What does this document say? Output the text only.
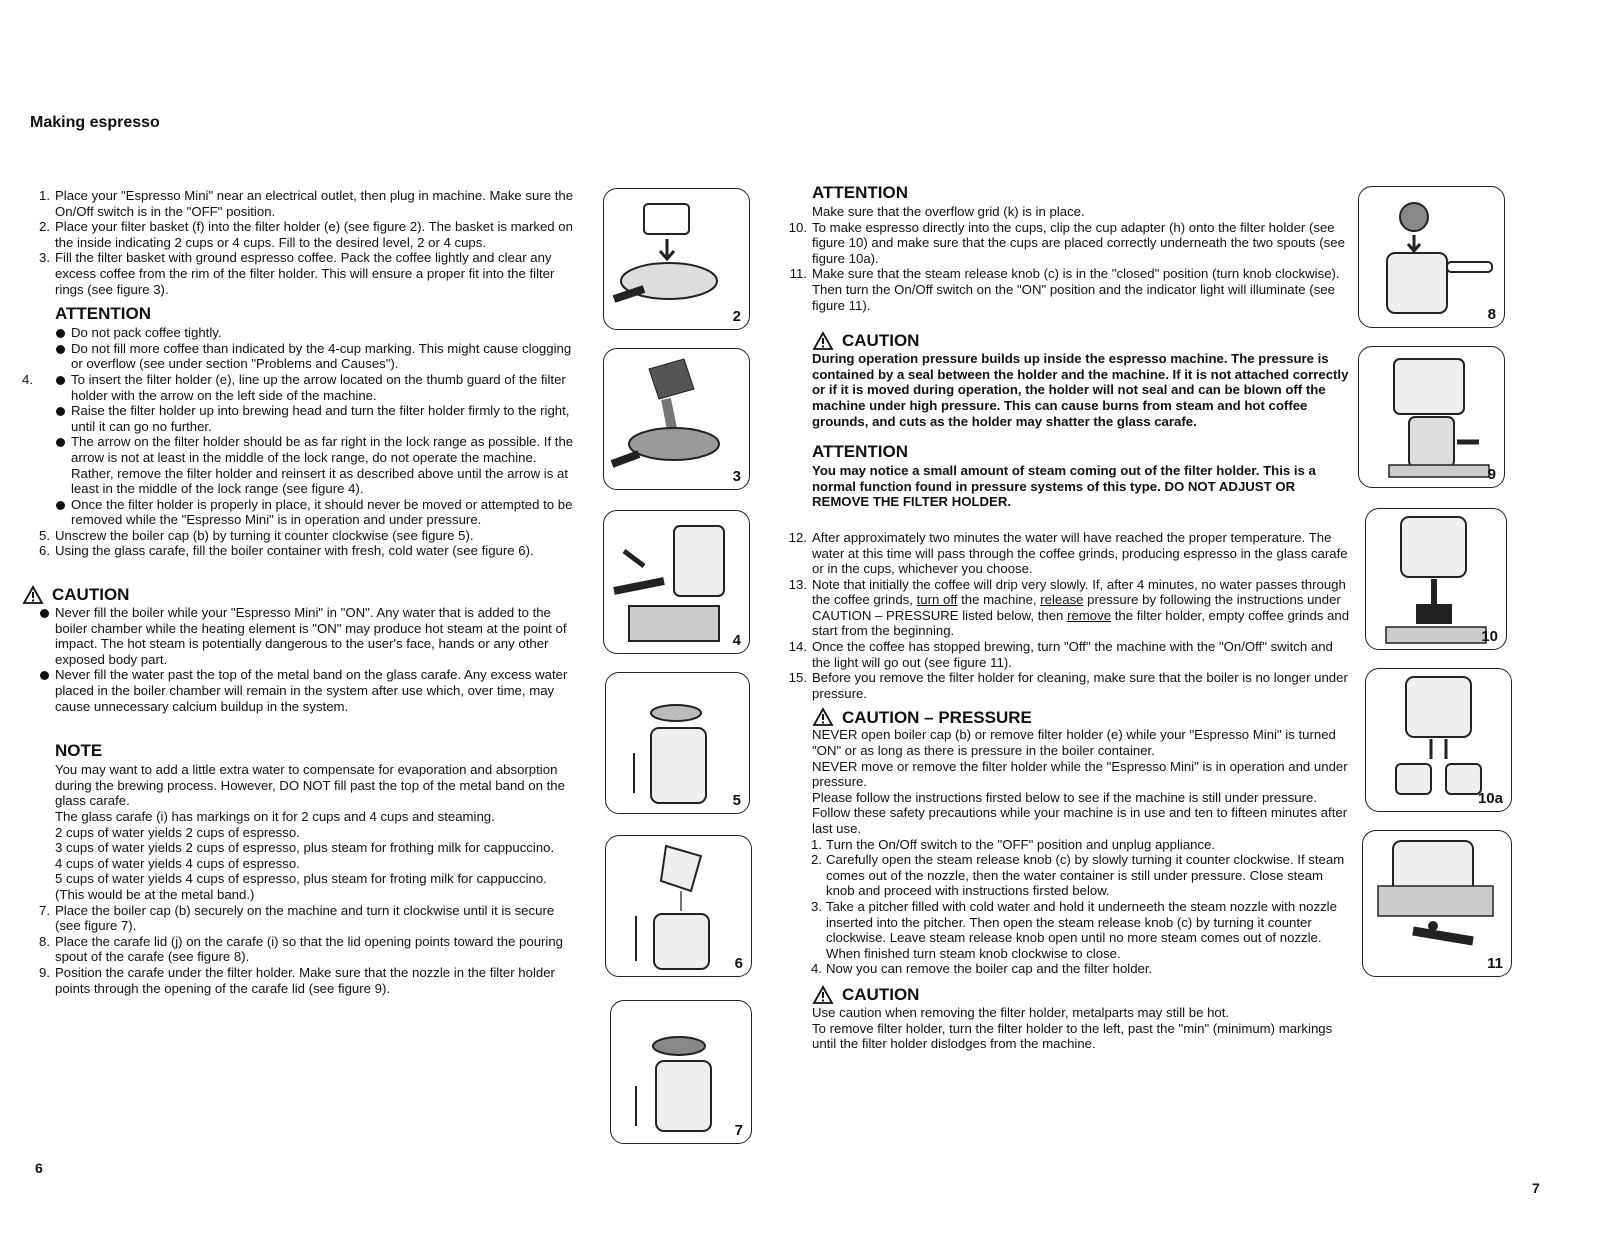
Making espresso
1. Place your "Espresso Mini" near an electrical outlet, then plug in machine. Make sure the On/Off switch is in the "OFF" position.

2. Place your filter basket (f) into the filter holder (e) (see figure 2). The basket is marked on the inside indicating 2 cups or 4 cups. Fill to the desired level, 2 or 4 cups.

3. Fill the filter basket with ground espresso coffee. Pack the coffee lightly and clear any excess coffee from the rim of the filter holder. This will ensure a proper fit into the filter rings (see figure 3).

ATTENTION
Do not pack coffee tightly.
Do not fill more coffee than indicated by the 4-cup marking. This might cause clogging or overflow (see under section "Problems and Causes").
4.	To insert the filter holder (e), line up the arrow located on the thumb guard of the filter holder with the arrow on the left side of the machine.
Raise the filter holder up into brewing head and turn the filter holder firmly to the right, until it can go no further.
The arrow on the filter holder should be as far right in the lock range as possible. If the arrow is not at least in the middle of the lock range, do not operate the machine. Rather, remove the filter holder and reinsert it as described above until the arrow is at least in the middle of the lock range (see figure 4).
Once the filter holder is properly in place, it should never be moved or attempted to be removed while the "Espresso Mini" is in operation and under pressure.
5. Unscrew the boiler cap (b) by turning it counter clockwise (see figure 5).

6. Using the glass carafe, fill the boiler container with fresh, cold water (see figure 6).

CAUTION
Never fill the boiler while your "Espresso Mini" in "ON". Any water that is added to the boiler chamber while the heating element is "ON" may produce hot steam at the point of impact. The hot steam is potentially dangerous to the user's face, hands or any other exposed body part.
Never fill the water past the top of the metal band on the glass carafe. Any excess water placed in the boiler chamber will remain in the system after use which, over time, may cause unnecessary calcium buildup in the system.
NOTE

You may want to add a little extra water to compensate for evaporation and absorption during the brewing process. However, DO NOT fill past the top of the metal band on the glass carafe.

The glass carafe (i) has markings on it for 2 cups and 4 cups and steaming.

2 cups of water yields 2 cups of espresso.

3 cups of water yields 2 cups of espresso, plus steam for frothing milk for cappuccino.

4 cups of water yields 4 cups of espresso.

5 cups of water yields 4 cups of espresso, plus steam for froting milk for cappuccino. (This would be at the metal band.)

7. Place the boiler cap (b) securely on the machine and turn it clockwise until it is secure (see figure 7).

8. Place the carafe lid (j) on the carafe (i) so that the lid opening points toward the pouring spout of the carafe (see figure 8).

9. Position the carafe under the filter holder. Make sure that the nozzle in the filter holder points through the opening of the carafe lid (see figure 9).

6
2
3
4
5
6
7
ATTENTION

Make sure that the overflow grid (k) is in place.

10. To make espresso directly into the cups, clip the cup adapter (h) onto the filter holder (see figure 10) and make sure that the cups are placed correctly underneath the two spouts (see figure 10a).

11. Make sure that the steam release knob (c) is in the "closed" position (turn knob clockwise).

Then turn the On/Off switch on the "ON" position and the indicator light will illuminate (see figure 11).

CAUTION

During operation pressure builds up inside the espresso machine. The pressure is contained by a seal between the holder and the machine. If it is not attached correctly or if it is moved during operation, the holder will not seal and can be blown off the machine under high pressure. This can cause burns from steam and hot coffee grounds, and cuts as the holder may shatter the glass carafe.

ATTENTION

You may notice a small amount of steam coming out of the filter holder. This is a normal function found in pressure systems of this type. DO NOT ADJUST OR REMOVE THE FILTER HOLDER.

12. After approximately two minutes the water will have reached the proper temperature. The water at this time will pass through the coffee grinds, producing espresso in the glass carafe or in the cups, whichever you choose.

13. Note that initially the coffee will drip very slowly. If, after 4 minutes, no water passes through the coffee grinds, turn off the machine, release pressure by following the instructions under CAUTION – PRESSURE listed below, then remove the filter holder, empty coffee grinds and start from the beginning.

14. Once the coffee has stopped brewing, turn "Off" the machine with the "On/Off" switch and the light will go out (see figure 11).

15. Before you remove the filter holder for cleaning, make sure that the boiler is no longer under pressure.

CAUTION – PRESSURE

NEVER open boiler cap (b) or remove filter holder (e) while your "Espresso Mini" is turned "ON" or as long as there is pressure in the boiler container.

NEVER move or remove the filter holder while the "Espresso Mini" is in operation and under pressure.

Please follow the instructions firsted below to see if the machine is still under pressure. Follow these safety precautions while your machine is in use and ten to fifteen minutes after last use.

1. Turn the On/Off switch to the "OFF" position and unplug appliance.

2. Carefully open the steam release knob (c) by slowly turning it counter clockwise. If steam comes out of the nozzle, then the water container is still under pressure. Close steam knob and proceed with instructions firsted below.

3. Take a pitcher filled with cold water and hold it underneeth the steam nozzle with nozzle inserted into the pitcher. Then open the steam release knob (c) by turning it counter clockwise. Leave steam release knob open until no more steam comes out of nozzle. When finished turn steam knob clockwise to close.

4. Now you can remove the boiler cap and the filter holder.

CAUTION

Use caution when removing the filter holder, metalparts may still be hot.

To remove filter holder, turn the filter holder to the left, past the "min" (minimum) markings until the filter holder dislodges from the machine.

7
8
9
10
10a
11
